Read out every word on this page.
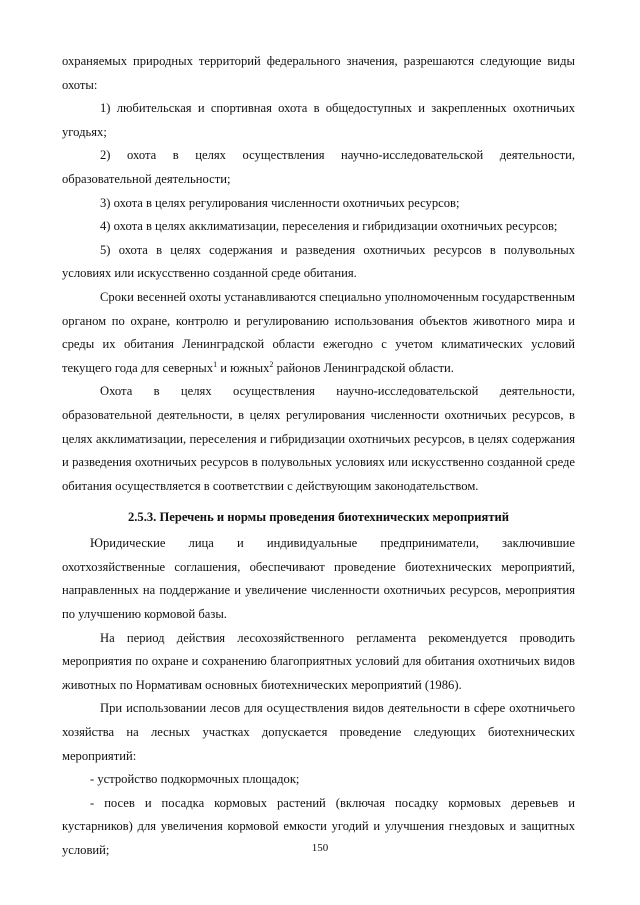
охраняемых природных территорий федерального значения, разрешаются следующие виды охоты:

1) любительская и спортивная охота в общедоступных и закрепленных охотничьих угодьях;

2) охота в целях осуществления научно-исследовательской деятельности, образовательной деятельности;

3) охота в целях регулирования численности охотничьих ресурсов;

4) охота в целях акклиматизации, переселения и гибридизации охотничьих ресурсов;

5) охота в целях содержания и разведения охотничьих ресурсов в полувольных условиях или искусственно созданной среде обитания.

Сроки весенней охоты устанавливаются специально уполномоченным государственным органом по охране, контролю и регулированию использования объектов животного мира и среды их обитания Ленинградской области ежегодно с учетом климатических условий текущего года для северных$^1$ и южных$^2$ районов Ленинградской области.

Охота в целях осуществления научно-исследовательской деятельности, образовательной деятельности, в целях регулирования численности охотничьих ресурсов, в целях акклиматизации, переселения и гибридизации охотничьих ресурсов, в целях содержания и разведения охотничьих ресурсов в полувольных условиях или искусственно созданной среде обитания осуществляется в соответствии с действующим законодательством.

2.5.3. Перечень и нормы проведения биотехнических мероприятий

Юридические лица и индивидуальные предприниматели, заключившие охотхозяйственные соглашения, обеспечивают проведение биотехнических мероприятий, направленных на поддержание и увеличение численности охотничьих ресурсов, мероприятия по улучшению кормовой базы.

На период действия лесохозяйственного регламента рекомендуется проводить мероприятия по охране и сохранению благоприятных условий для обитания охотничьих видов животных по Нормативам основных биотехнических мероприятий (1986).

При использовании лесов для осуществления видов деятельности в сфере охотничьего хозяйства на лесных участках допускается проведение следующих биотехнических мероприятий:

- устройство подкормочных площадок;

- посев и посадка кормовых растений (включая посадку кормовых деревьев и кустарников) для увеличения кормовой емкости угодий и улучшения гнездовых и защитных условий;	150
